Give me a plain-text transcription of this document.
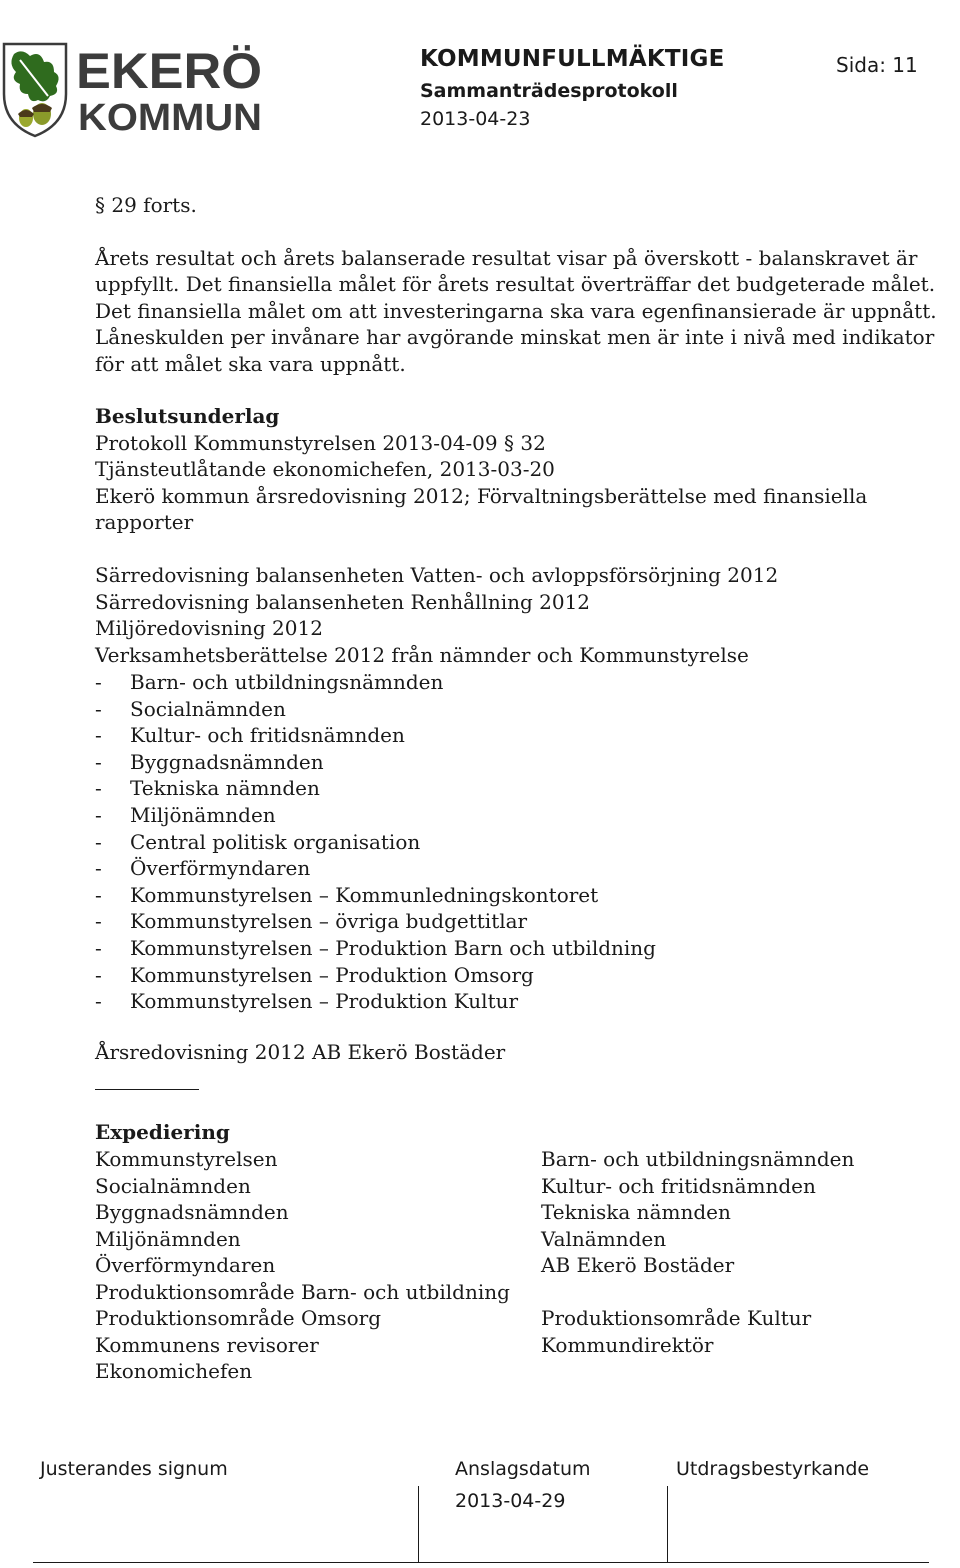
EKERÖ
KOMMUN
KOMMUNFULLMÄKTIGE
Sammanträdesprotokoll
2013-04-23
Sida: 11
§ 29 forts.
Årets resultat och årets balanserade resultat visar på överskott - balanskravet är
uppfyllt. Det finansiella målet för årets resultat överträffar det budgeterade målet.
Det finansiella målet om att investeringarna ska vara egenfinansierade är uppnått.
Låneskulden per invånare har avgörande minskat men är inte i nivå med indikator
för att målet ska vara uppnått.
Beslutsunderlag
Protokoll Kommunstyrelsen 2013-04-09 § 32
Tjänsteutlåtande ekonomichefen, 2013-03-20
Ekerö kommun årsredovisning 2012; Förvaltningsberättelse med finansiella
rapporter
Särredovisning balansenheten Vatten- och avloppsförsörjning 2012
Särredovisning balansenheten Renhållning 2012
Miljöredovisning 2012
Verksamhetsberättelse 2012 från nämnder och Kommunstyrelse
- Barn- och utbildningsnämnden
- Socialnämnden
- Kultur- och fritidsnämnden
- Byggnadsnämnden
- Tekniska nämnden
- Miljönämnden
- Central politisk organisation
- Överförmyndaren
- Kommunstyrelsen – Kommunledningskontoret
- Kommunstyrelsen – övriga budgettitlar
- Kommunstyrelsen – Produktion Barn och utbildning
- Kommunstyrelsen – Produktion Omsorg
- Kommunstyrelsen – Produktion Kultur
Årsredovisning 2012 AB Ekerö Bostäder
Expediering
Kommunstyrelsen
Socialnämnden
Byggnadsnämnden
Miljönämnden
Överförmyndaren
Produktionsområde Barn- och utbildning
Produktionsområde Omsorg
Kommunens revisorer
Ekonomichefen
Barn- och utbildningsnämnden
Kultur- och fritidsnämnden
Tekniska nämnden
Valnämnden
AB Ekerö Bostäder
Produktionsområde Kultur
Kommundirektör
Justerandes signum	Anslagsdatum	Utdragsbestyrkande
2013-04-29
